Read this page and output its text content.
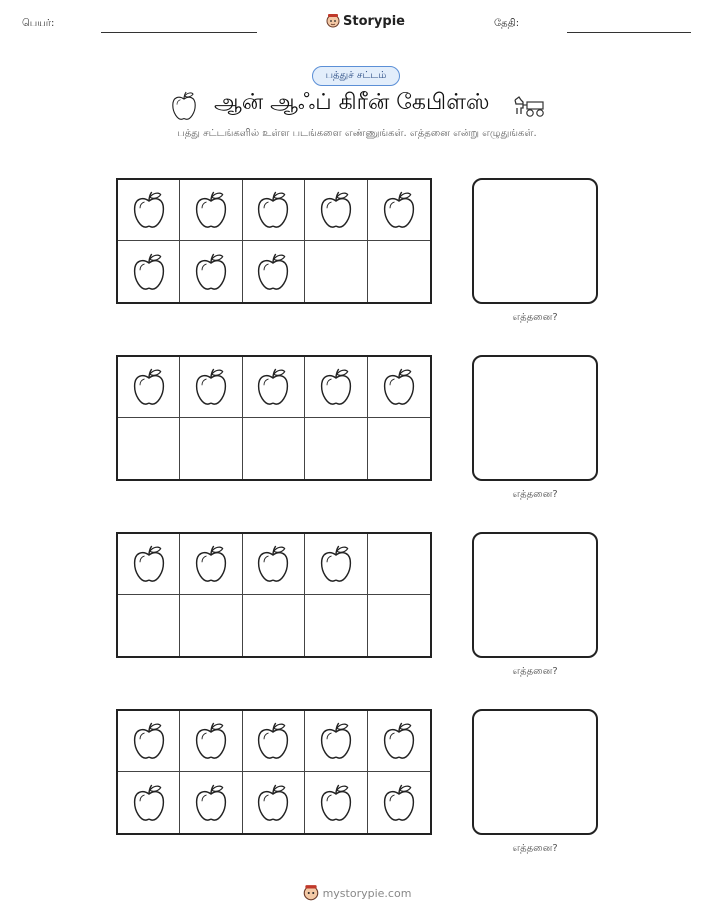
பெயர்:	Storypie	தேதி:
பத்துச் சட்டம்
ஆன் ஆஃப் கிரீன் கேபிள்ஸ்
பத்து சட்டங்களில் உள்ள படங்களை எண்ணுங்கள். எத்தனை என்று எழுதுங்கள்.
எத்தனை?
எத்தனை?
எத்தனை?
எத்தனை?
mystorypie.com
